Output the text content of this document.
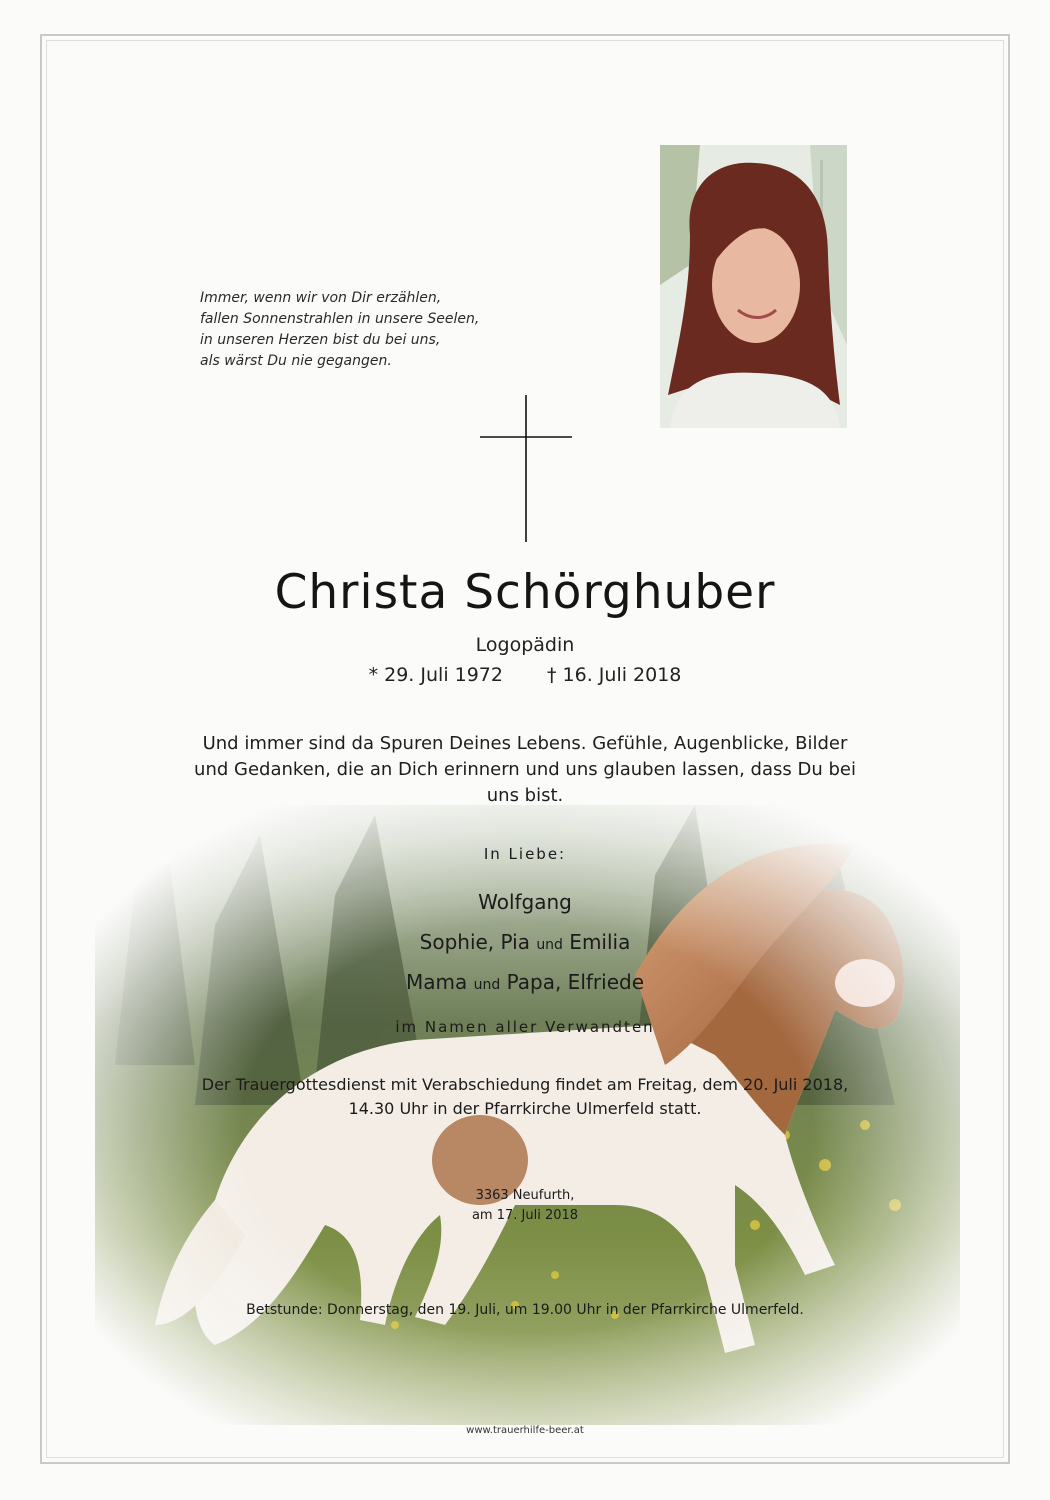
Immer, wenn wir von Dir erzählen,
fallen Sonnenstrahlen in unsere Seelen,
in unseren Herzen bist du bei uns,
als wärst Du nie gegangen.
Christa Schörghuber
Logopädin
* 29. Juli 1972 † 16. Juli 2018
Und immer sind da Spuren Deines Lebens. Gefühle, Augenblicke, Bilder und Gedanken, die an Dich erinnern und uns glauben lassen, dass Du bei uns bist.
In Liebe:
Wolfgang
Sophie, Pia und Emilia
Mama und Papa, Elfriede
im Namen aller Verwandten
Der Trauergottesdienst mit Verabschiedung findet am Freitag, dem 20. Juli 2018, 14.30 Uhr in der Pfarrkirche Ulmerfeld statt.
3363 Neufurth,
am 17. Juli 2018
Betstunde: Donnerstag, den 19. Juli, um 19.00 Uhr in der Pfarrkirche Ulmerfeld.
www.trauerhilfe-beer.at
